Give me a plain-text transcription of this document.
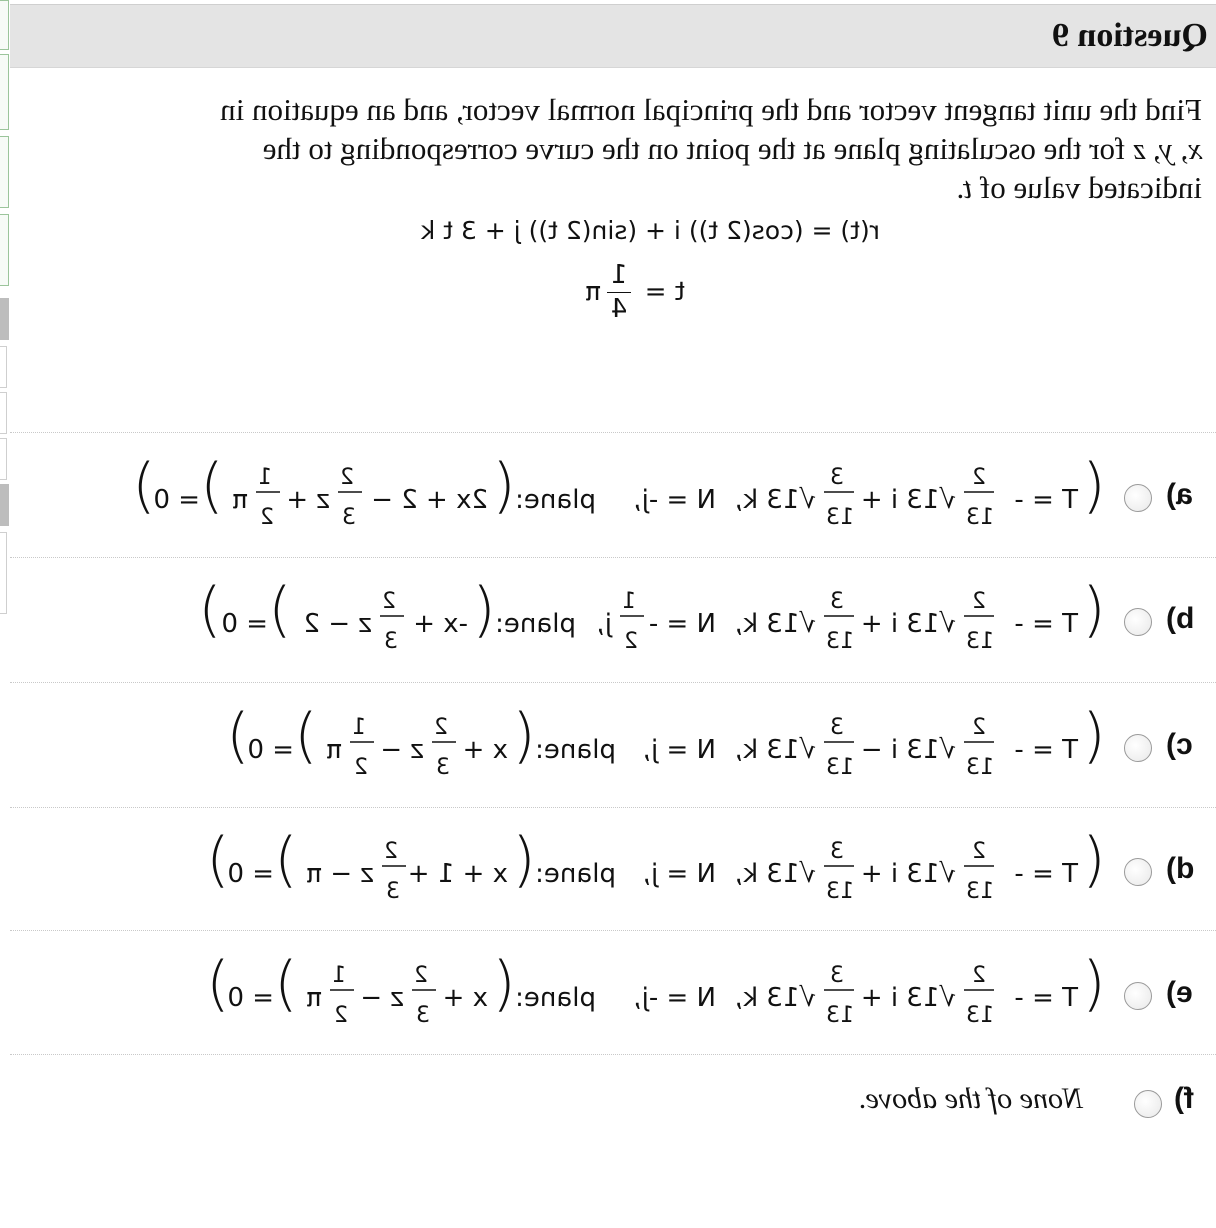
Question 9
Find the unit tangent vector and the principal normal vector, and an equation in
x, y, z for the osculating plane at the point on the curve corresponding to the
indicated value of t.
r(t) = (cos(2 t)) i + (sin(2 t)) j + 3 t k
t =
1
4
π
(
T = -
2
13
√13 i +
3
13
√13 k,
N = -j,
plane:
(
2x + 2 −
2
3
z +
1
2
π
)
= 0
)	a)
(
T = -
2
13
√13 i +
3
13
√13 k,
N = -
1
2
j,
plane:
(
-x +
2
3
z − 2
)
= 0
)	b)
(
T = -
2
13
√13 i −
3
13
√13 k,
N = j,
plane:
(
x +
2
3
z −
1
2
π
)
= 0
)	c)
(
T = -
2
13
√13 i +
3
13
√13 k,
N = j,
plane:
(
x + 1 +
2
3
z − π
)
= 0
)	d)
(
T = -
2
13
√13 i +
3
13
√13 k,
N = -j,
plane:
(
x +
2
3
z −
1
2
π
)
= 0
)	e)
f)
None of the above.
